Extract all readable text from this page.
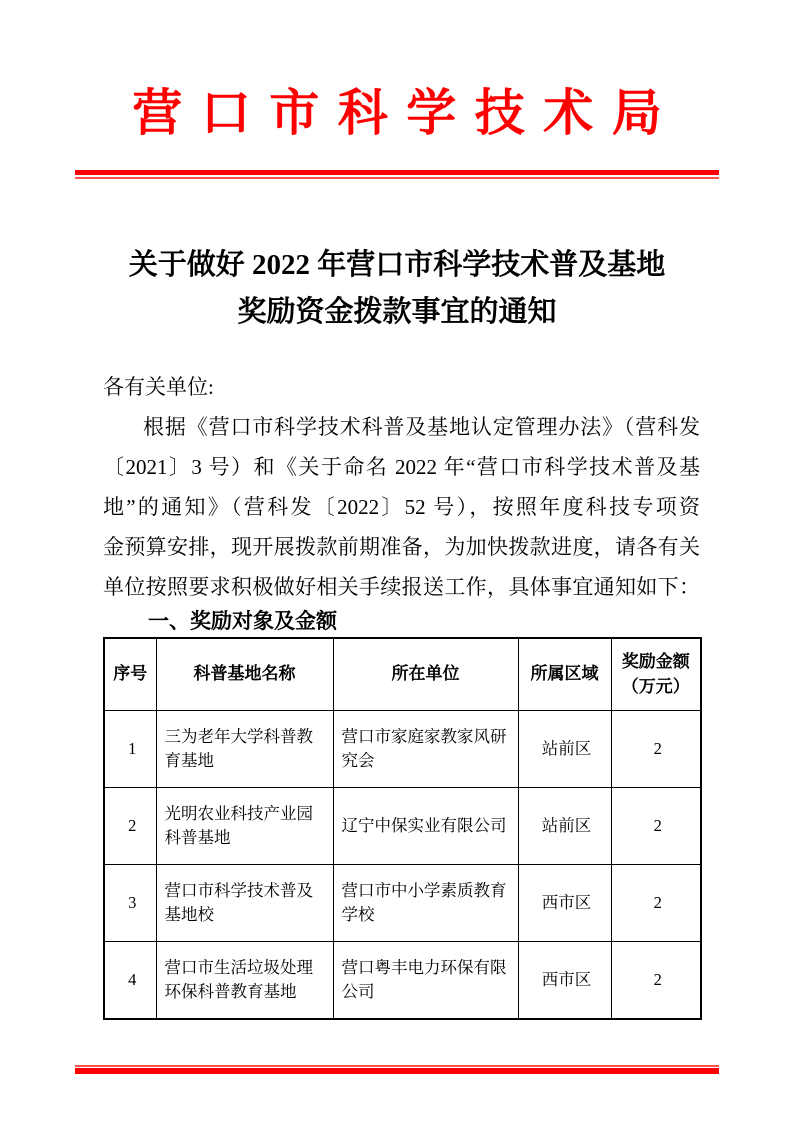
营口市科学技术局
关于做好 2022 年营口市科学技术普及基地
奖励资金拨款事宜的通知
各有关单位:
根据《营口市科学技术科普及基地认定管理办法》（营科发
〔2021〕3 号）和《关于命名 2022 年“营口市科学技术普及基
地”的通知》（营科发〔2022〕52 号），按照年度科技专项资
金预算安排，现开展拨款前期准备，为加快拨款进度，请各有关
单位按照要求积极做好相关手续报送工作，具体事宜通知如下：
一、奖励对象及金额
序号	科普基地名称	所在单位	所属区域	奖励金额
（万元）

1	三为老年大学科普教育基地	营口市家庭家教家风研究会	站前区	2
2	光明农业科技产业园科普基地	辽宁中保实业有限公司	站前区	2
3	营口市科学技术普及基地校	营口市中小学素质教育学校	西市区	2
4	营口市生活垃圾处理环保科普教育基地	营口粤丰电力环保有限公司	西市区	2
